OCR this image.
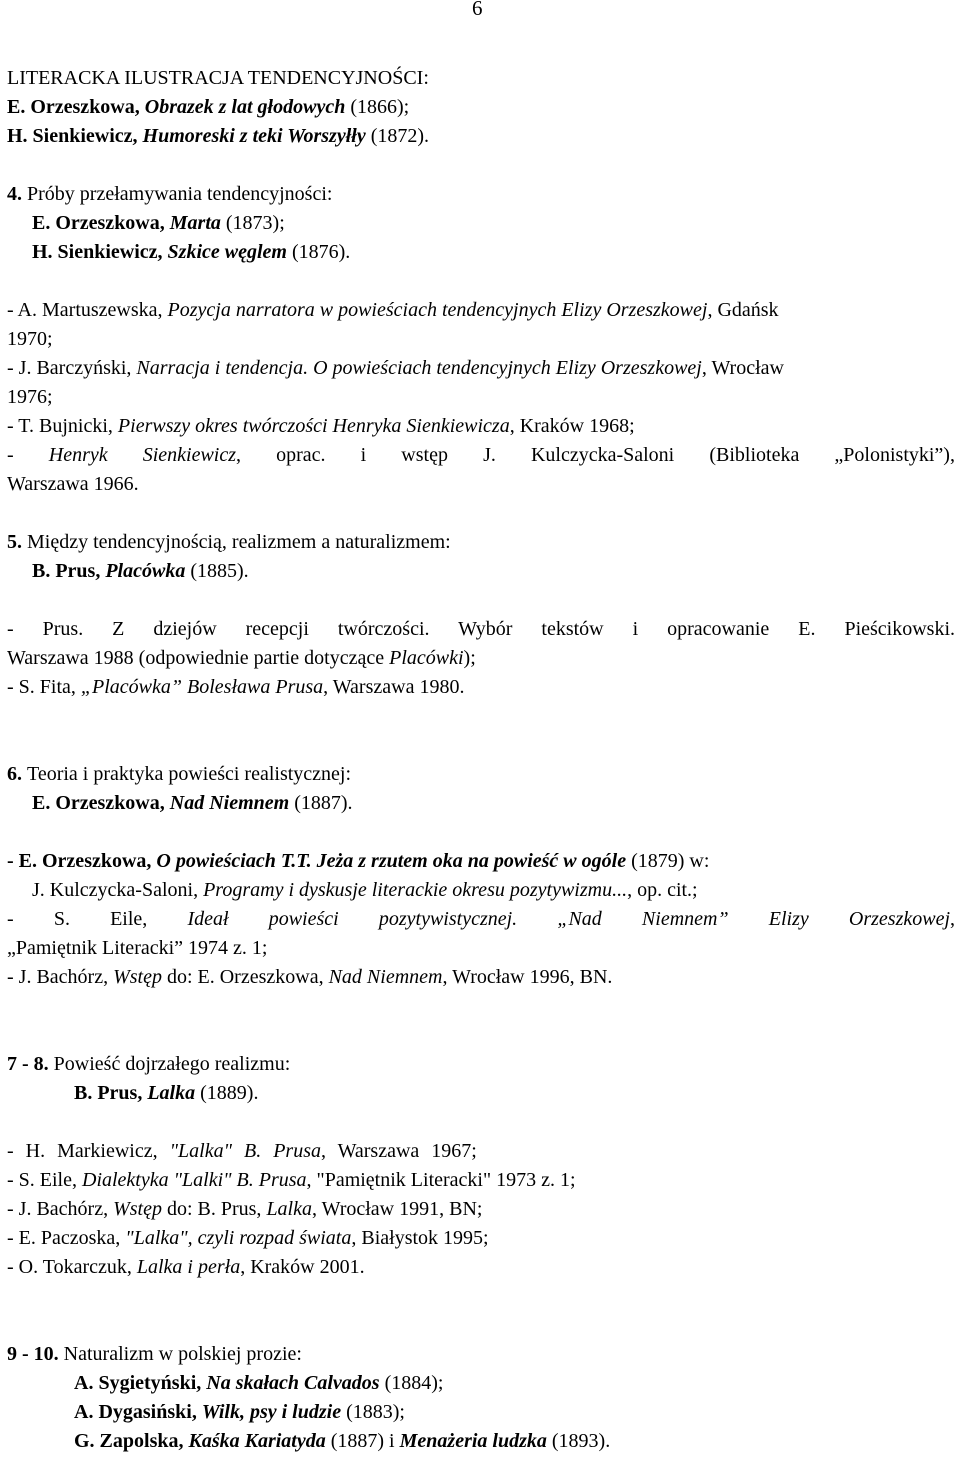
6

LITERACKA ILUSTRACJA TENDENCYJNOŚCI:

E. Orzeszkowa, Obrazek z lat głodowych (1866);

H. Sienkiewicz, Humoreski z teki Worszyłły (1872).

4. Próby przełamywania tendencyjności:

E. Orzeszkowa, Marta (1873);

H. Sienkiewicz, Szkice węglem (1876).

- A. Martuszewska, Pozycja narratora w powieściach tendencyjnych Elizy Orzeszkowej, Gdańsk

1970;

- J. Barczyński, Narracja i tendencja. O powieściach tendencyjnych Elizy Orzeszkowej, Wrocław

1976;

- T. Bujnicki, Pierwszy okres twórczości Henryka Sienkiewicza, Kraków 1968;

- Henryk Sienkiewicz, oprac. i wstęp J. Kulczycka-Saloni (Biblioteka „Polonistyki”),

Warszawa 1966.

5. Między tendencyjnością, realizmem a naturalizmem:

B. Prus, Placówka (1885).

- Prus. Z dziejów recepcji twórczości. Wybór tekstów i opracowanie E. Pieścikowski.

Warszawa 1988 (odpowiednie partie dotyczące Placówki);

- S. Fita, „Placówka” Bolesława Prusa, Warszawa 1980.

6. Teoria i praktyka powieści realistycznej:

E. Orzeszkowa, Nad Niemnem (1887).

- E. Orzeszkowa, O powieściach T.T. Jeża z rzutem oka na powieść w ogóle (1879) w:

J. Kulczycka-Saloni, Programy i dyskusje literackie okresu pozytywizmu..., op. cit.;

- S. Eile, Ideał powieści pozytywistycznej. „Nad Niemnem” Elizy Orzeszkowej,

„Pamiętnik Literacki” 1974 z. 1;

- J. Bachórz, Wstęp do: E. Orzeszkowa, Nad Niemnem, Wrocław 1996, BN.

7 - 8. Powieść dojrzałego realizmu:

B. Prus, Lalka (1889).

- H. Markiewicz, "Lalka" B. Prusa, Warszawa 1967;

- S. Eile, Dialektyka "Lalki" B. Prusa, "Pamiętnik Literacki" 1973 z. 1;

- J. Bachórz, Wstęp do: B. Prus, Lalka, Wrocław 1991, BN;

- E. Paczoska, "Lalka", czyli rozpad świata, Białystok 1995;

- O. Tokarczuk, Lalka i perła, Kraków 2001.

9 - 10. Naturalizm w polskiej prozie:

A. Sygietyński, Na skałach Calvados (1884);

A. Dygasiński, Wilk, psy i ludzie (1883);

G. Zapolska, Kaśka Kariatyda (1887) i Menażeria ludzka (1893).
